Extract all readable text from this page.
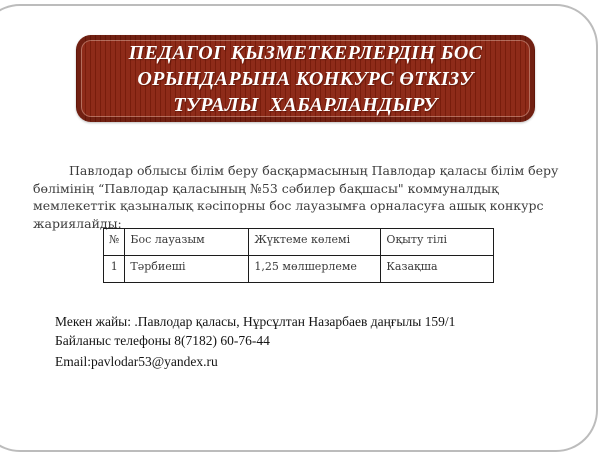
ПЕДАГОГ ҚЫЗМЕТКЕРЛЕРДІҢ БОС
ОРЫНДАРЫНА КОНКУРС ӨТКІЗУ
ТУРАЛЫ  ХАБАРЛАНДЫРУ

Павлодар облысы білім беру басқармасының Павлодар қаласы білім беру бөлімінің “Павлодар қаласының №53 сәбилер бақшасы" коммуналдық мемлекеттік қазыналық кәсіпорны бос лауазымға орналасуға ашық конкурс жариялайды:

№	Бос лауазым	Жүктеме көлемі	Оқыту тілі
1	Тәрбиеші	1,25 мөлшерлеме	Казақша
Мекен жайы: .Павлодар қаласы, Нұрсұлтан Назарбаев даңғылы 159/1
Байланыс телефоны 8(7182) 60-76-44
Email:pavlodar53@yandex.ru
